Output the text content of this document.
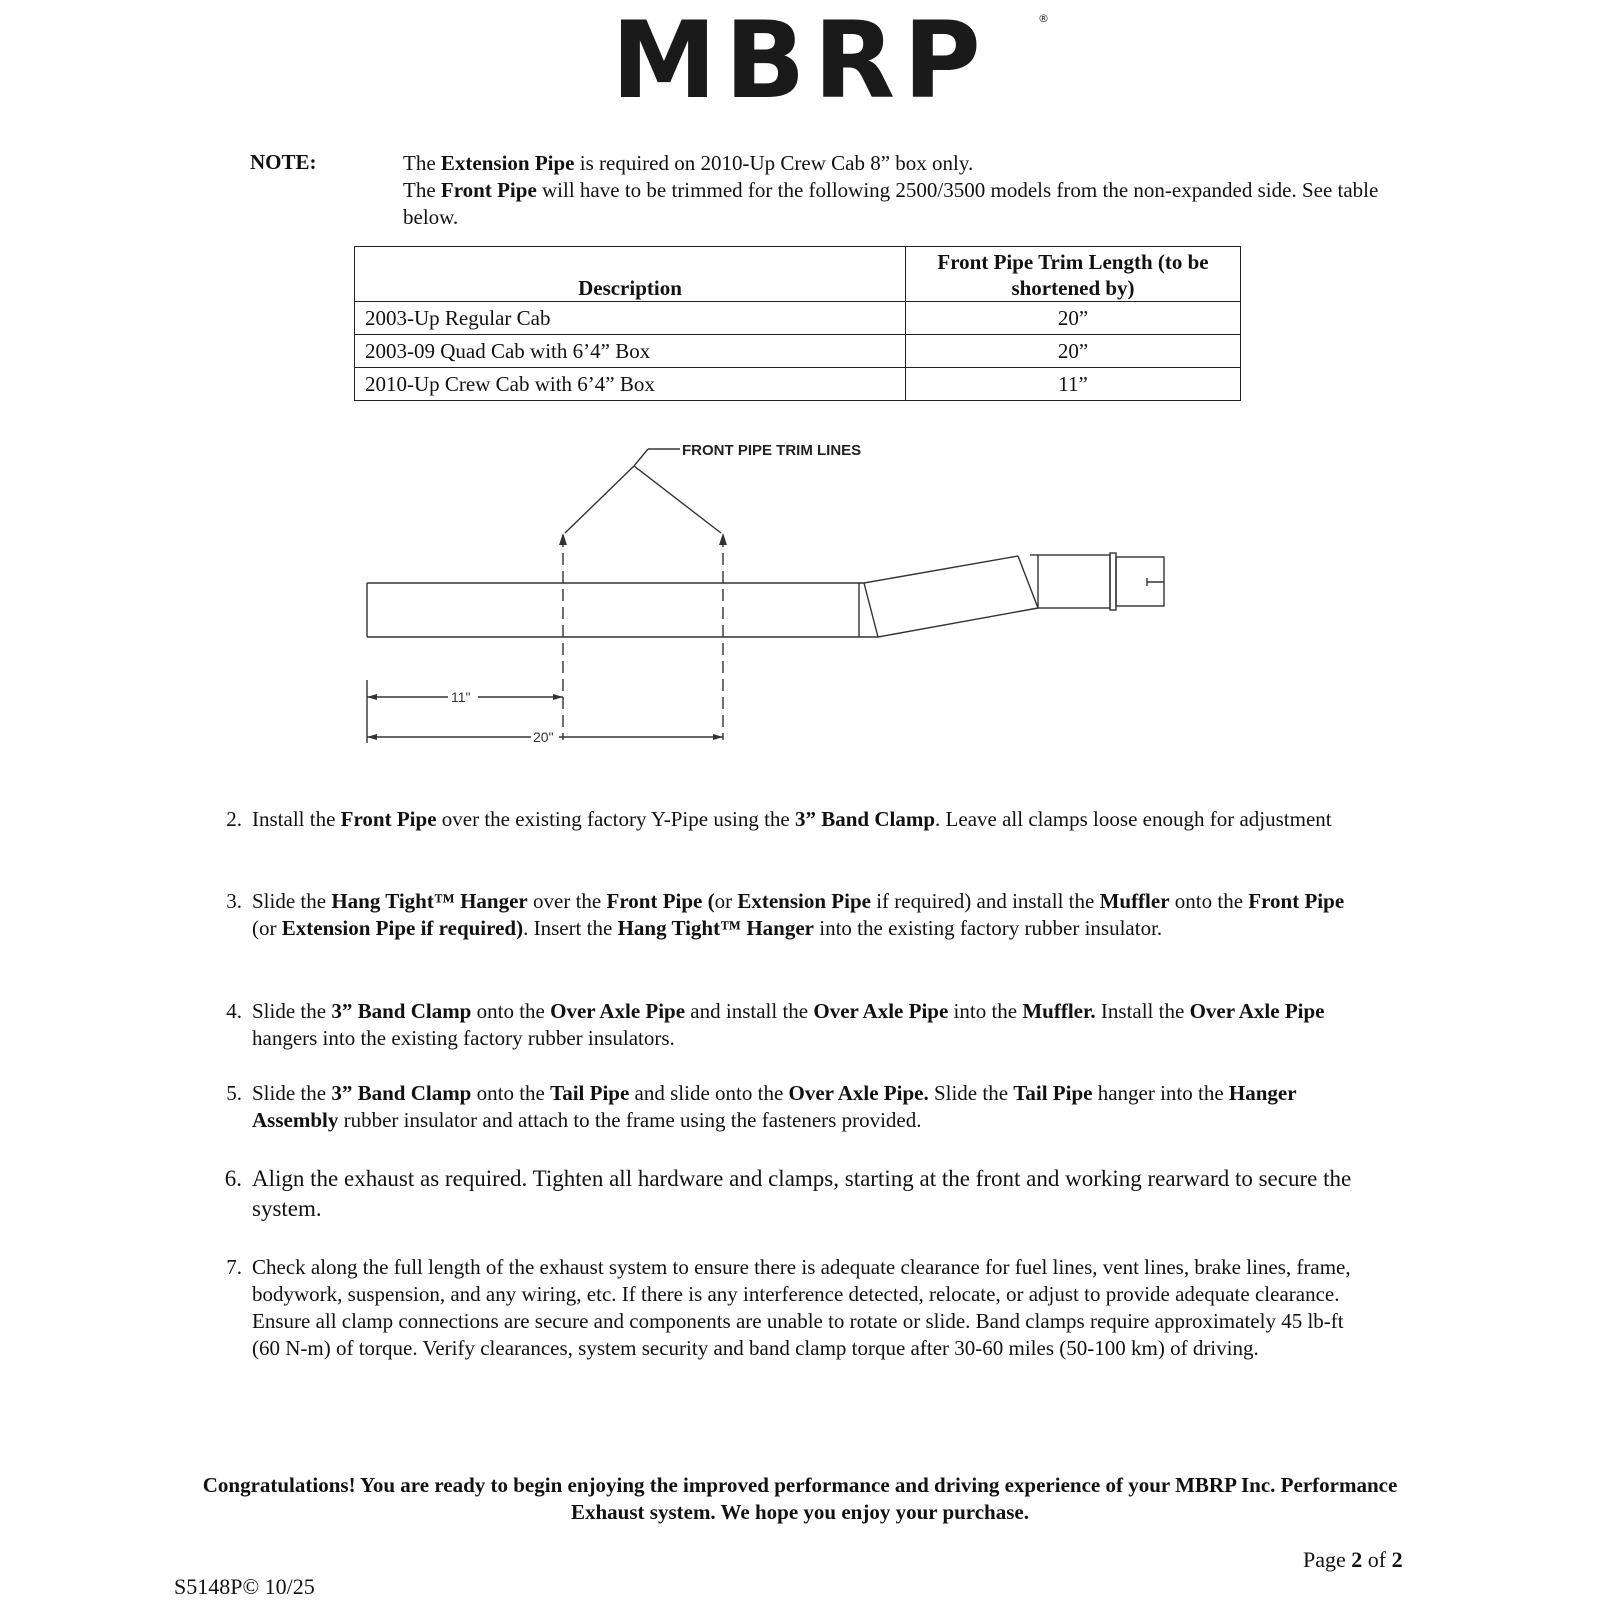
MBRP	®
NOTE:	The Extension Pipe is required on 2010-Up Crew Cab 8” box only.

The Front Pipe will have to be trimmed for the following 2500/3500 models from the non-expanded side. See table below.

Description	Front Pipe Trim Length (to be shortened by)
2003-Up Regular Cab	20”
2003-09 Quad Cab with 6’4” Box	20”
2010-Up Crew Cab with 6’4” Box	11”
FRONT PIPE TRIM LINES
11"
20"
2. Install the Front Pipe over the existing factory Y-Pipe using the 3” Band Clamp. Leave all clamps loose enough for adjustment
3. Slide the Hang Tight™ Hanger over the Front Pipe (or Extension Pipe if required) and install the Muffler onto the Front Pipe (or Extension Pipe if required). Insert the Hang Tight™ Hanger into the existing factory rubber insulator.
4. Slide the 3” Band Clamp onto the Over Axle Pipe and install the Over Axle Pipe into the Muffler. Install the Over Axle Pipe hangers into the existing factory rubber insulators.
5. Slide the 3” Band Clamp onto the Tail Pipe and slide onto the Over Axle Pipe. Slide the Tail Pipe hanger into the Hanger Assembly rubber insulator and attach to the frame using the fasteners provided.
6. Align the exhaust as required. Tighten all hardware and clamps, starting at the front and working rearward to secure the system.
7. Check along the full length of the exhaust system to ensure there is adequate clearance for fuel lines, vent lines, brake lines, frame, bodywork, suspension, and any wiring, etc. If there is any interference detected, relocate, or adjust to provide adequate clearance. Ensure all clamp connections are secure and components are unable to rotate or slide. Band clamps require approximately 45 lb-ft (60 N-m) of torque. Verify clearances, system security and band clamp torque after 30-60 miles (50-100 km) of driving.
Congratulations! You are ready to begin enjoying the improved performance and driving experience of your MBRP Inc. Performance Exhaust system. We hope you enjoy your purchase.
Page 2 of 2
S5148P© 10/25
